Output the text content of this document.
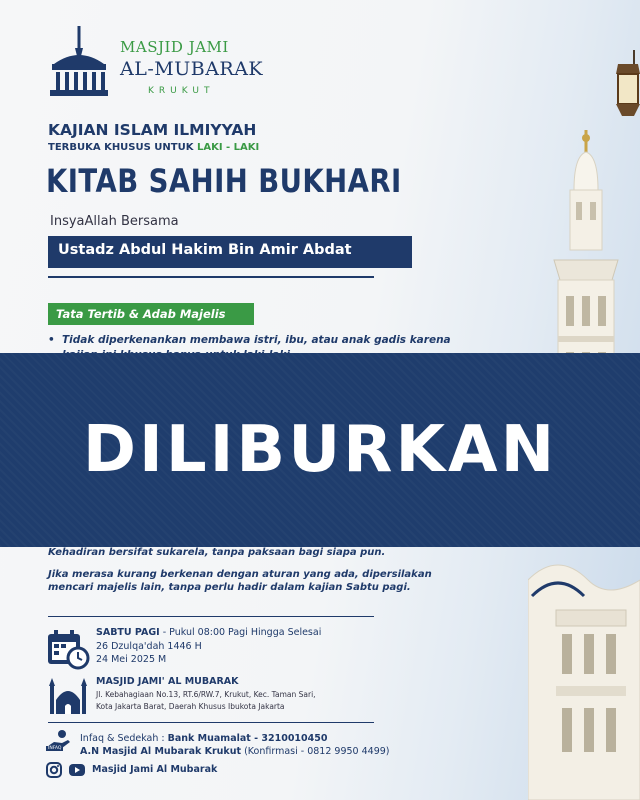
MASJID JAMI
AL-MUBARAK
KRUKUT
KAJIAN ISLAM ILMIYYAH
TERBUKA KHUSUS UNTUK LAKI - LAKI
KITAB SAHIH BUKHARI
InsyaAllah Bersama
Ustadz Abdul Hakim Bin Amir Abdat
Tata Tertib & Adab Majelis
• Tidak diperkenankan membawa istri, ibu, atau anak gadis karena
DILIBURKAN
Kehadiran bersifat sukarela, tanpa paksaan bagi siapa pun.
Jika merasa kurang berkenan dengan aturan yang ada, dipersilakan mencari majelis lain, tanpa perlu hadir dalam kajian Sabtu pagi.
SABTU PAGI - Pukul 08:00 Pagi Hingga Selesai
26 Dzulqa'dah 1446 H
24 Mei 2025 M
MASJID JAMI' AL MUBARAK
Jl. Kebahagiaan No.13, RT.6/RW.7, Krukut, Kec. Taman Sari,
Kota Jakarta Barat, Daerah Khusus Ibukota Jakarta
INFAQ
Infaq & Sedekah : Bank Muamalat - 3210010450
A.N Masjid Al Mubarak Krukut (Konfirmasi - 0812 9950 4499)
Masjid Jami Al Mubarak
